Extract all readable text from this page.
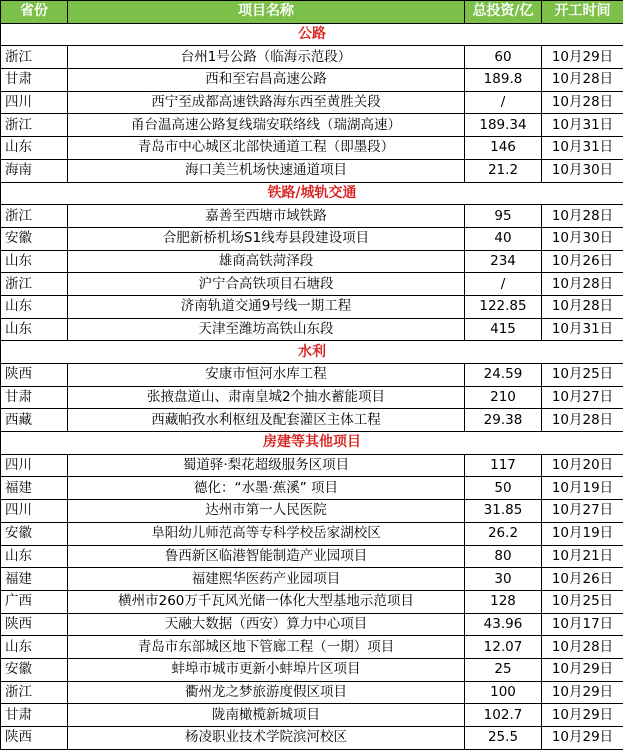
省份	项目名称	总投资/亿	开工时间
公路			
浙江	台州1号公路（临海示范段）	60	10月29日
甘肃	西和至宕昌高速公路	189.8	10月28日
四川	西宁至成都高速铁路海东西至黄胜关段	/	10月28日
浙江	甬台温高速公路复线瑞安联络线（瑞湖高速）	189.34	10月31日
山东	青岛市中心城区北部快通道工程（即墨段）	146	10月31日
海南	海口美兰机场快速通道项目	21.2	10月30日
铁路/城轨交通			
浙江	嘉善至西塘市域铁路	95	10月28日
安徽	合肥新桥机场S1线寿县段建设项目	40	10月30日
山东	雄商高铁菏泽段	234	10月26日
浙江	沪宁合高铁项目石塘段	/	10月28日
山东	济南轨道交通9号线一期工程	122.85	10月28日
山东	天津至潍坊高铁山东段	415	10月31日
水利			
陕西	安康市恒河水库工程	24.59	10月25日
甘肃	张掖盘道山、肃南皇城2个抽水蓄能项目	210	10月27日
西藏	西藏帕孜水利枢纽及配套灌区主体工程	29.38	10月28日
房建等其他项目			
四川	蜀道驿·梨花超级服务区项目	117	10月20日
福建	德化：“水墨·蕉溪” 项目	50	10月19日
四川	达州市第一人民医院	31.85	10月27日
安徽	阜阳幼儿师范高等专科学校岳家湖校区	26.2	10月19日
山东	鲁西新区临港智能制造产业园项目	80	10月21日
福建	福建熙华医药产业园项目	30	10月26日
广西	横州市260万千瓦风光储一体化大型基地示范项目	128	10月25日
陕西	天融大数据（西安）算力中心项目	43.96	10月17日
山东	青岛市东部城区地下管廊工程（一期）项目	12.07	10月28日
安徽	蚌埠市城市更新小蚌埠片区项目	25	10月29日
浙江	衢州龙之梦旅游度假区项目	100	10月29日
甘肃	陇南橄榄新城项目	102.7	10月29日
陕西	杨凌职业技术学院滨河校区	25.5	10月29日
